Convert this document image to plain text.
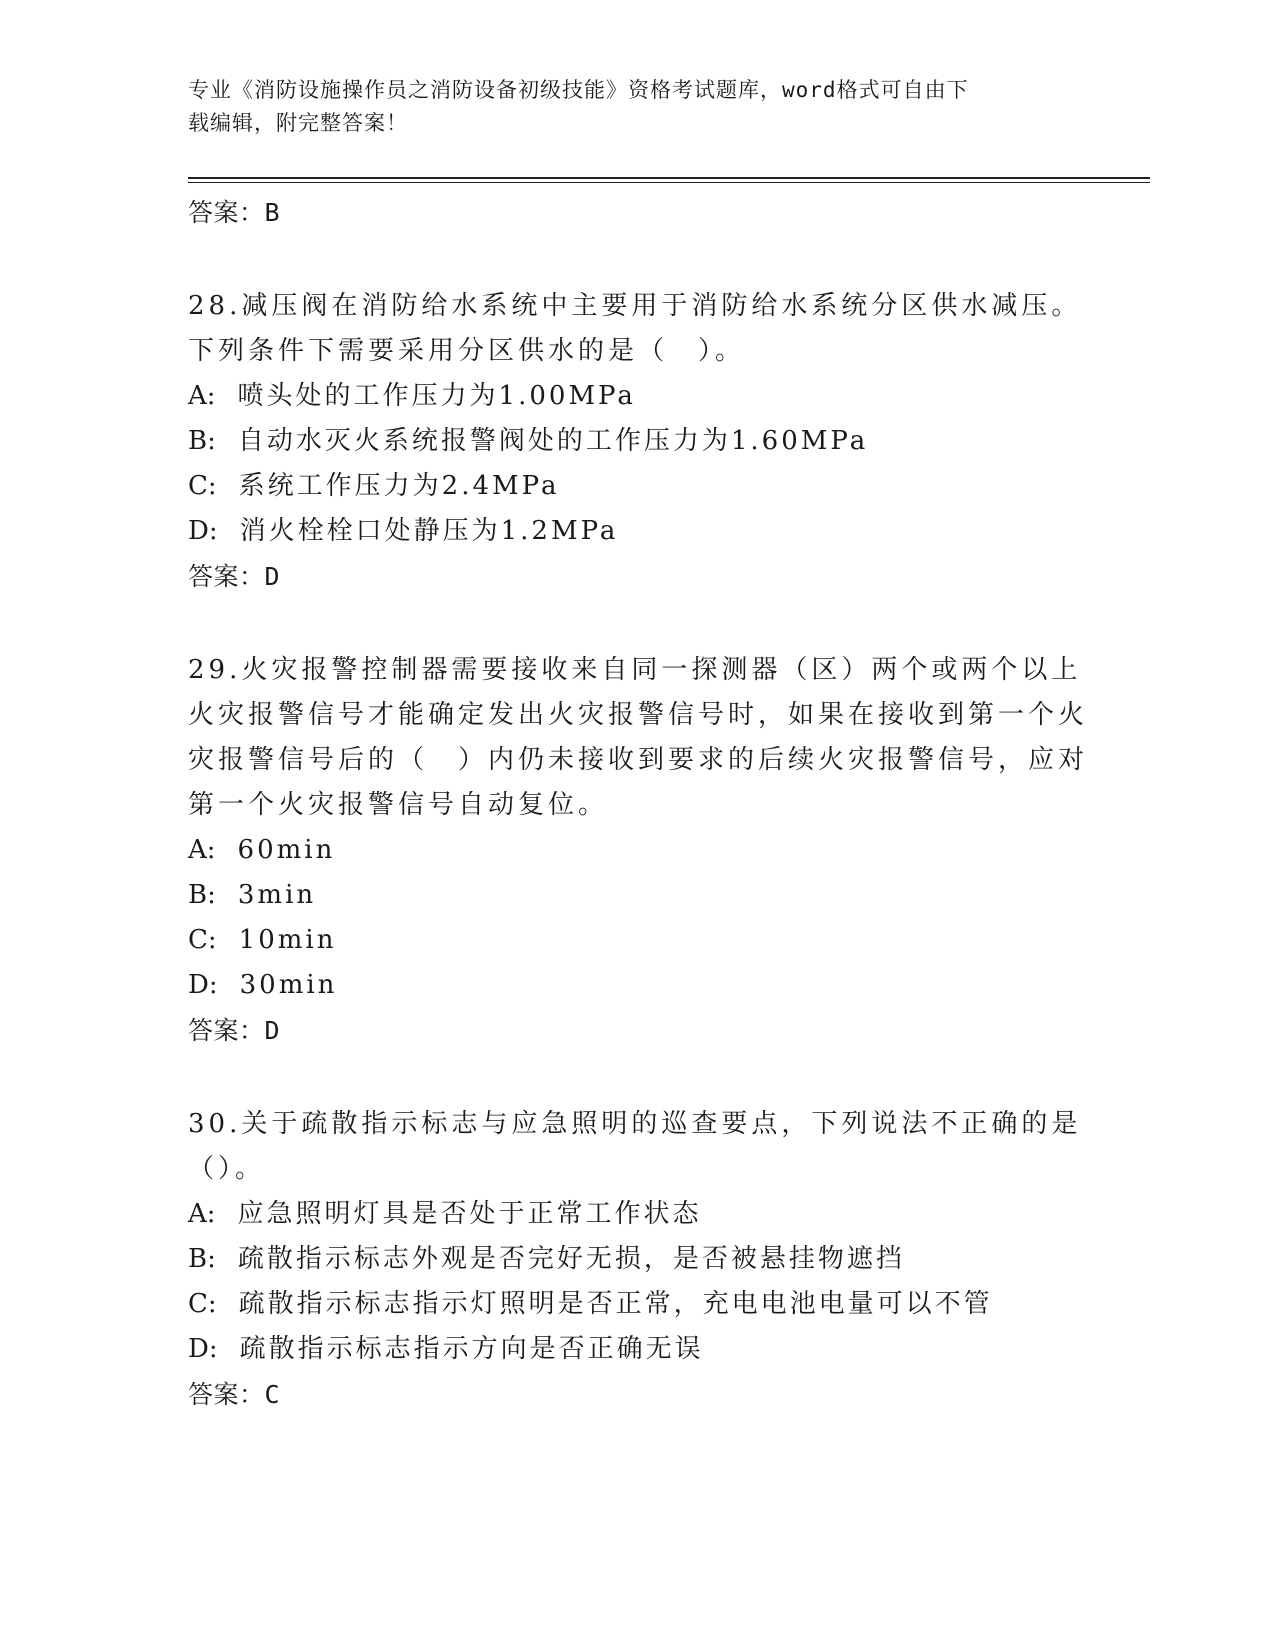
专业《消防设施操作员之消防设备初级技能》资格考试题库，word格式可自由下
载编辑，附完整答案！
答案：B

28.减压阀在消防给水系统中主要用于消防给水系统分区供水减压。下列条件下需要采用分区供水的是（　）。

A: 喷头处的工作压力为1.00MPa
B: 自动水灭火系统报警阀处的工作压力为1.60MPa
C: 系统工作压力为2.4MPa
D: 消火栓栓口处静压为1.2MPa
答案：D

29.火灾报警控制器需要接收来自同一探测器（区）两个或两个以上火灾报警信号才能确定发出火灾报警信号时，如果在接收到第一个火灾报警信号后的（　）内仍未接收到要求的后续火灾报警信号，应对第一个火灾报警信号自动复位。

A: 60min
B: 3min
C: 10min
D: 30min
答案：D

30.关于疏散指示标志与应急照明的巡查要点，下列说法不正确的是（）。

A: 应急照明灯具是否处于正常工作状态
B: 疏散指示标志外观是否完好无损，是否被悬挂物遮挡
C: 疏散指示标志指示灯照明是否正常，充电电池电量可以不管
D: 疏散指示标志指示方向是否正确无误
答案：C
